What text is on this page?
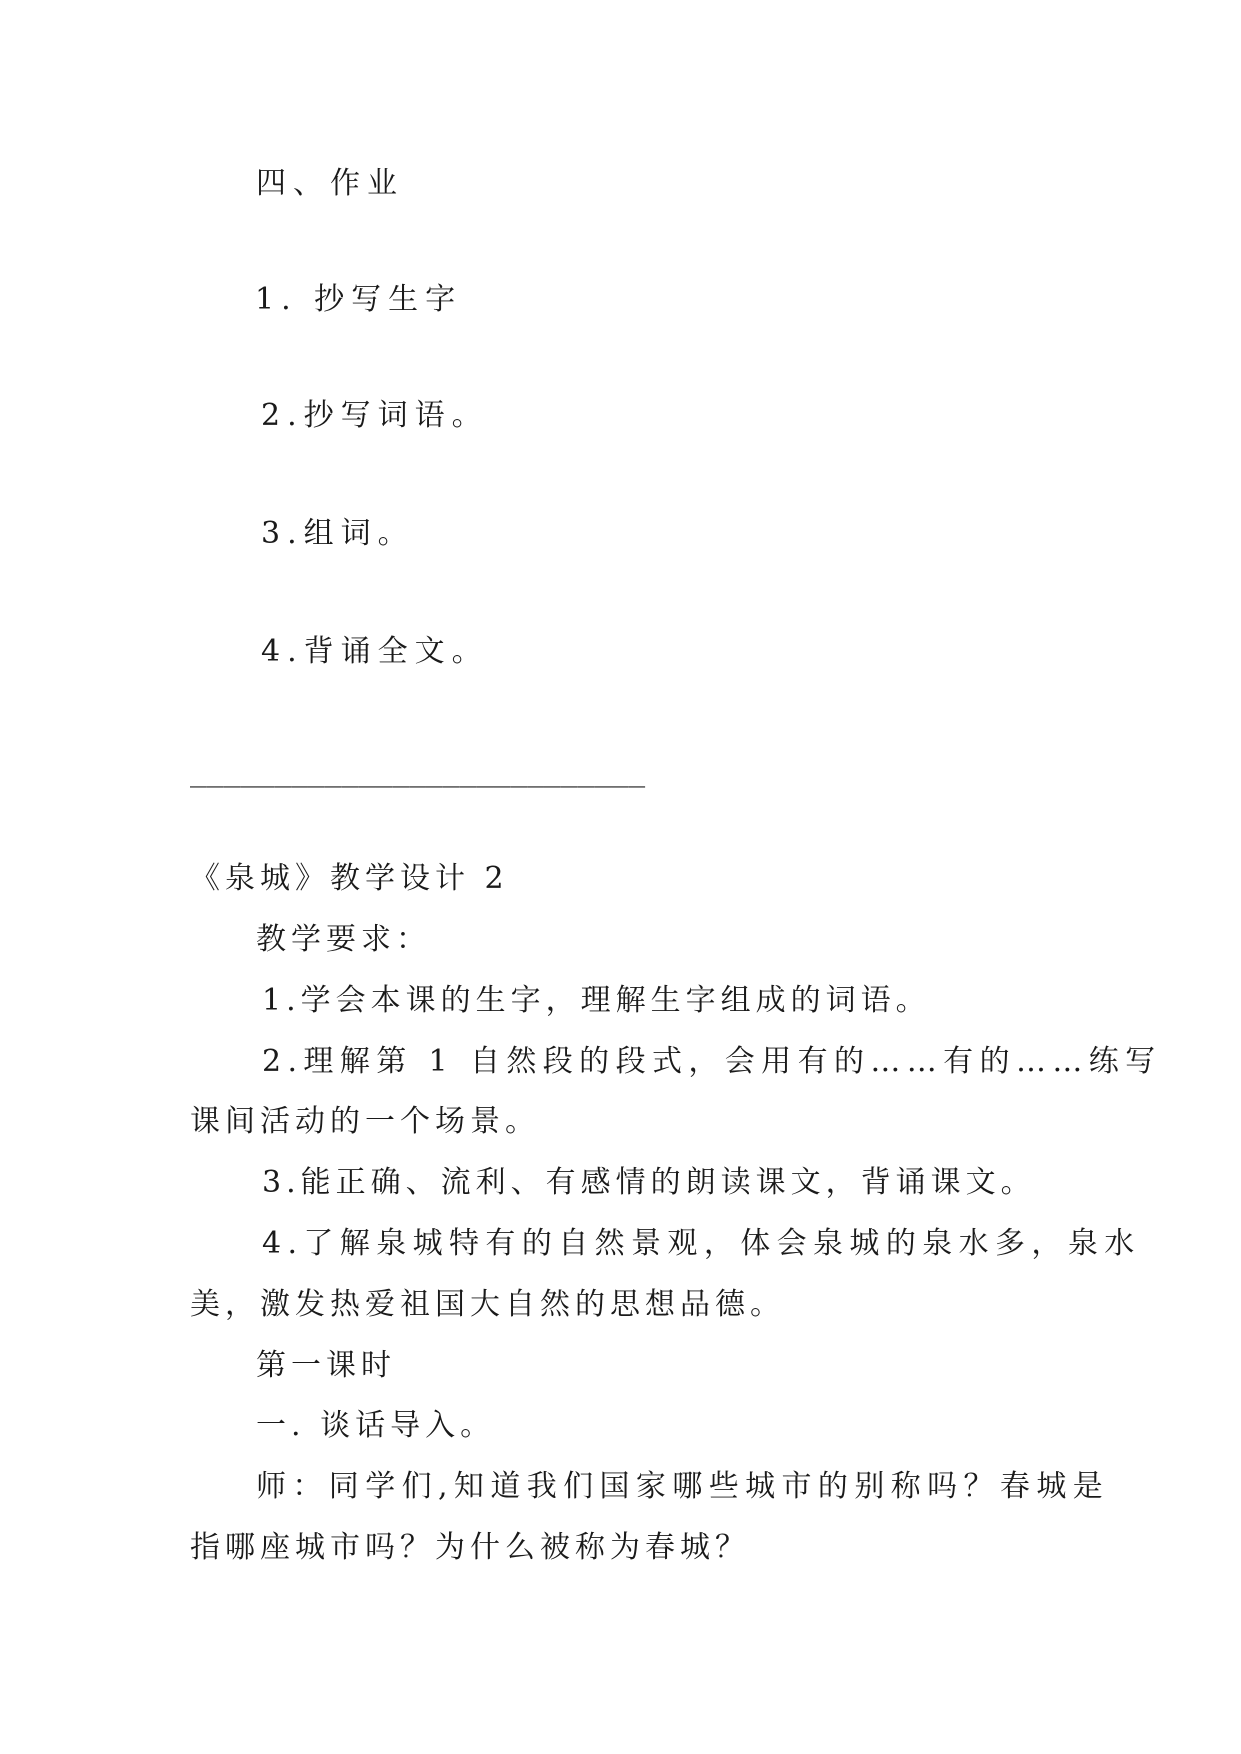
四、作业
1. 抄写生字
2.抄写词语。
3.组词。
4.背诵全文。
___________________________
《泉城》教学设计 2
教学要求：
1.学会本课的生字，理解生字组成的词语。
2.理解第 1 自然段的段式，会用有的……有的……练写
课间活动的一个场景。
3.能正确、流利、有感情的朗读课文，背诵课文。
4.了解泉城特有的自然景观，体会泉城的泉水多，泉水
美，激发热爱祖国大自然的思想品德。
第一课时
一. 谈话导入。
师：同学们,知道我们国家哪些城市的别称吗？春城是
指哪座城市吗？为什么被称为春城？
